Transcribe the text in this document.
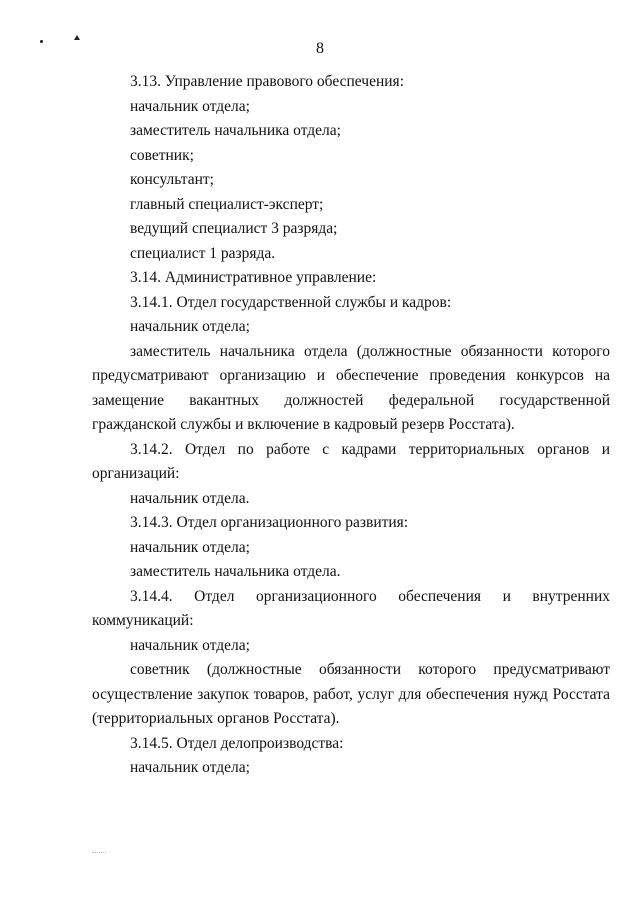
8

3.13. Управление правового обеспечения:

начальник отдела;

заместитель начальника отдела;

советник;

консультант;

главный специалист-эксперт;

ведущий специалист 3 разряда;

специалист 1 разряда.

3.14. Административное управление:

3.14.1. Отдел государственной службы и кадров:

начальник отдела;

заместитель начальника отдела (должностные обязанности которого предусматривают организацию и обеспечение проведения конкурсов на замещение вакантных должностей федеральной государственной гражданской службы и включение в кадровый резерв Росстата).

3.14.2. Отдел по работе с кадрами территориальных органов и организаций:

начальник отдела.

3.14.3. Отдел организационного развития:

начальник отдела;

заместитель начальника отдела.

3.14.4. Отдел организационного обеспечения и внутренних коммуникаций:

начальник отдела;

советник (должностные обязанности которого предусматривают осуществление закупок товаров, работ, услуг для обеспечения нужд Росстата (территориальных органов Росстата).

3.14.5. Отдел делопроизводства:

начальник отдела;
